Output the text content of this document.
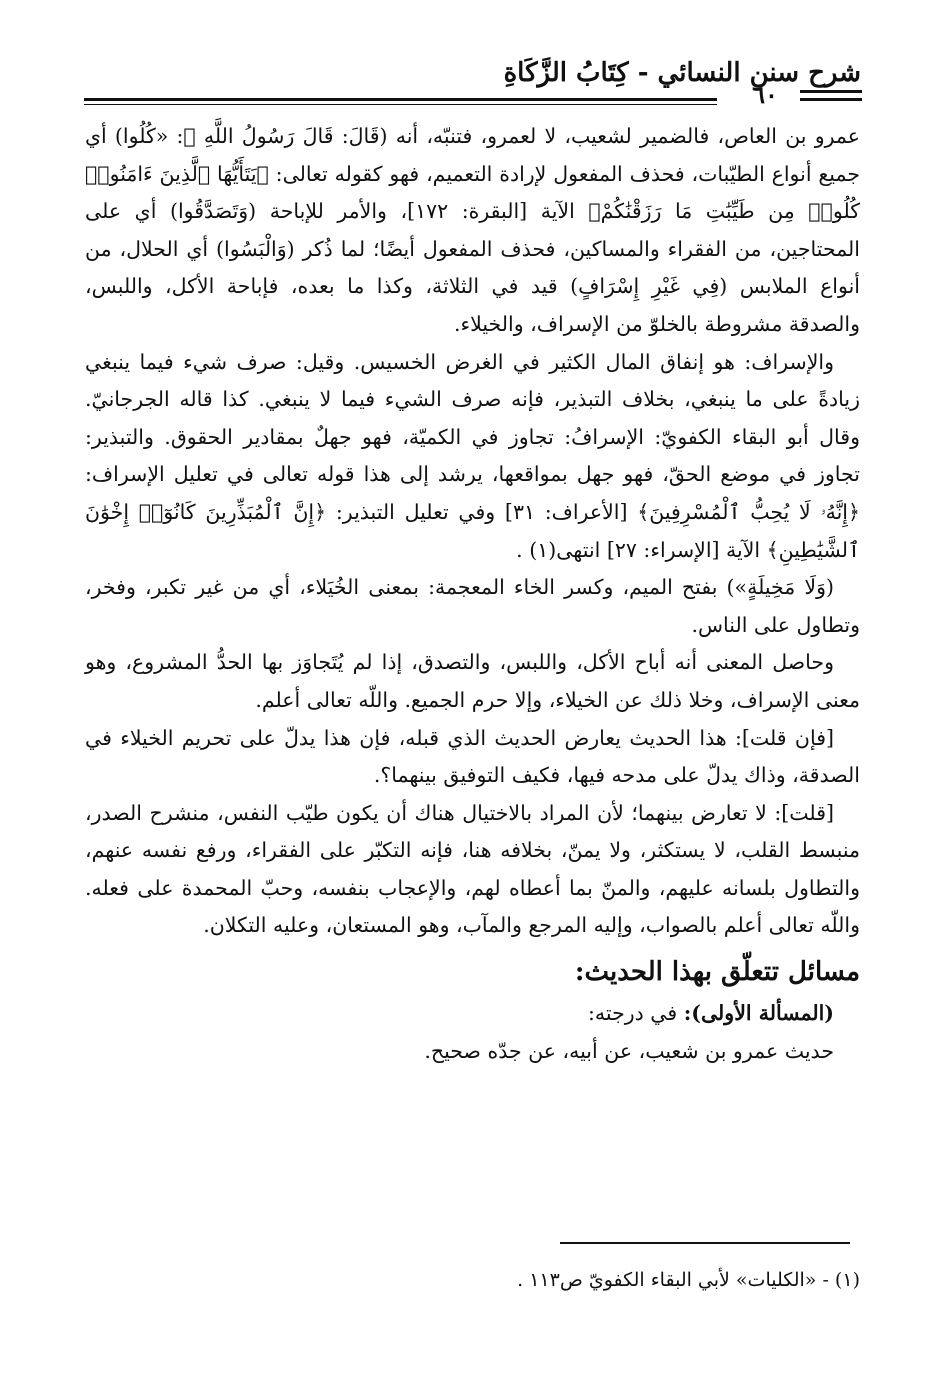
شرح سنن النسائي - كِتَابُ الزَّكَاةِ
٦٠

عمرو بن العاص، فالضمير لشعيب، لا لعمرو، فتنبّه، أنه (قَالَ: قَالَ رَسُولُ اللَّهِ ﷺ: «كُلُوا) أي جميع أنواع الطيّبات، فحذف المفعول لإرادة التعميم، فهو كقوله تعالى: ﴿يَتَأَيُّهَا ٱلَّذِينَ ءَامَنُوا۟ كُلُوا۟ مِن طَيِّبَٰتِ مَا رَزَقْنَٰكُمْ﴾ الآية [البقرة: ١٧٢]، والأمر للإباحة (وَتَصَدَّقُوا) أي على المحتاجين، من الفقراء والمساكين، فحذف المفعول أيضًا؛ لما ذُكر (وَالْبَسُوا) أي الحلال، من أنواع الملابس (فِي غَيْرِ إِسْرَافٍ) قيد في الثلاثة، وكذا ما بعده، فإباحة الأكل، واللبس، والصدقة مشروطة بالخلوّ من الإسراف، والخيلاء.

والإسراف: هو إنفاق المال الكثير في الغرض الخسيس. وقيل: صرف شيء فيما ينبغي زيادةً على ما ينبغي، بخلاف التبذير، فإنه صرف الشيء فيما لا ينبغي. كذا قاله الجرجانيّ. وقال أبو البقاء الكفويّ: الإسرافُ: تجاوز في الكميّة، فهو جهلٌ بمقادير الحقوق. والتبذير: تجاوز في موضع الحقّ، فهو جهل بمواقعها، يرشد إلى هذا قوله تعالى في تعليل الإسراف: ﴿إِنَّهُۥ لَا يُحِبُّ ٱلْمُسْرِفِينَ﴾ [الأعراف: ٣١] وفي تعليل التبذير: ﴿إِنَّ ٱلْمُبَذِّرِينَ كَانُوٓا۟ إِخْوَٰنَ ٱلشَّيَٰطِينِ﴾ الآية [الإسراء: ٢٧] انتهى(١) .

(وَلَا مَخِيلَةٍ») بفتح الميم، وكسر الخاء المعجمة: بمعنى الخُيَلاء، أي من غير تكبر، وفخر، وتطاول على الناس.

وحاصل المعنى أنه أباح الأكل، واللبس، والتصدق، إذا لم يُتَجاوَز بها الحدُّ المشروع، وهو معنى الإسراف، وخلا ذلك عن الخيلاء، وإلا حرم الجميع. واللّه تعالى أعلم.

[فإن قلت]: هذا الحديث يعارض الحديث الذي قبله، فإن هذا يدلّ على تحريم الخيلاء في الصدقة، وذاك يدلّ على مدحه فيها، فكيف التوفيق بينهما؟.

[قلت]: لا تعارض بينهما؛ لأن المراد بالاختيال هناك أن يكون طيّب النفس، منشرح الصدر، منبسط القلب، لا يستكثر، ولا يمنّ، بخلافه هنا، فإنه التكبّر على الفقراء، ورفع نفسه عنهم، والتطاول بلسانه عليهم، والمنّ بما أعطاه لهم، والإعجاب بنفسه، وحبّ المحمدة على فعله. واللّه تعالى أعلم بالصواب، وإليه المرجع والمآب، وهو المستعان، وعليه التكلان.

مسائل تتعلّق بهذا الحديث:

(المسألة الأولى): في درجته:

حديث عمرو بن شعيب، عن أبيه، عن جدّه صحيح.

(١) - «الكليات» لأبي البقاء الكفويّ ص١١٣ .
